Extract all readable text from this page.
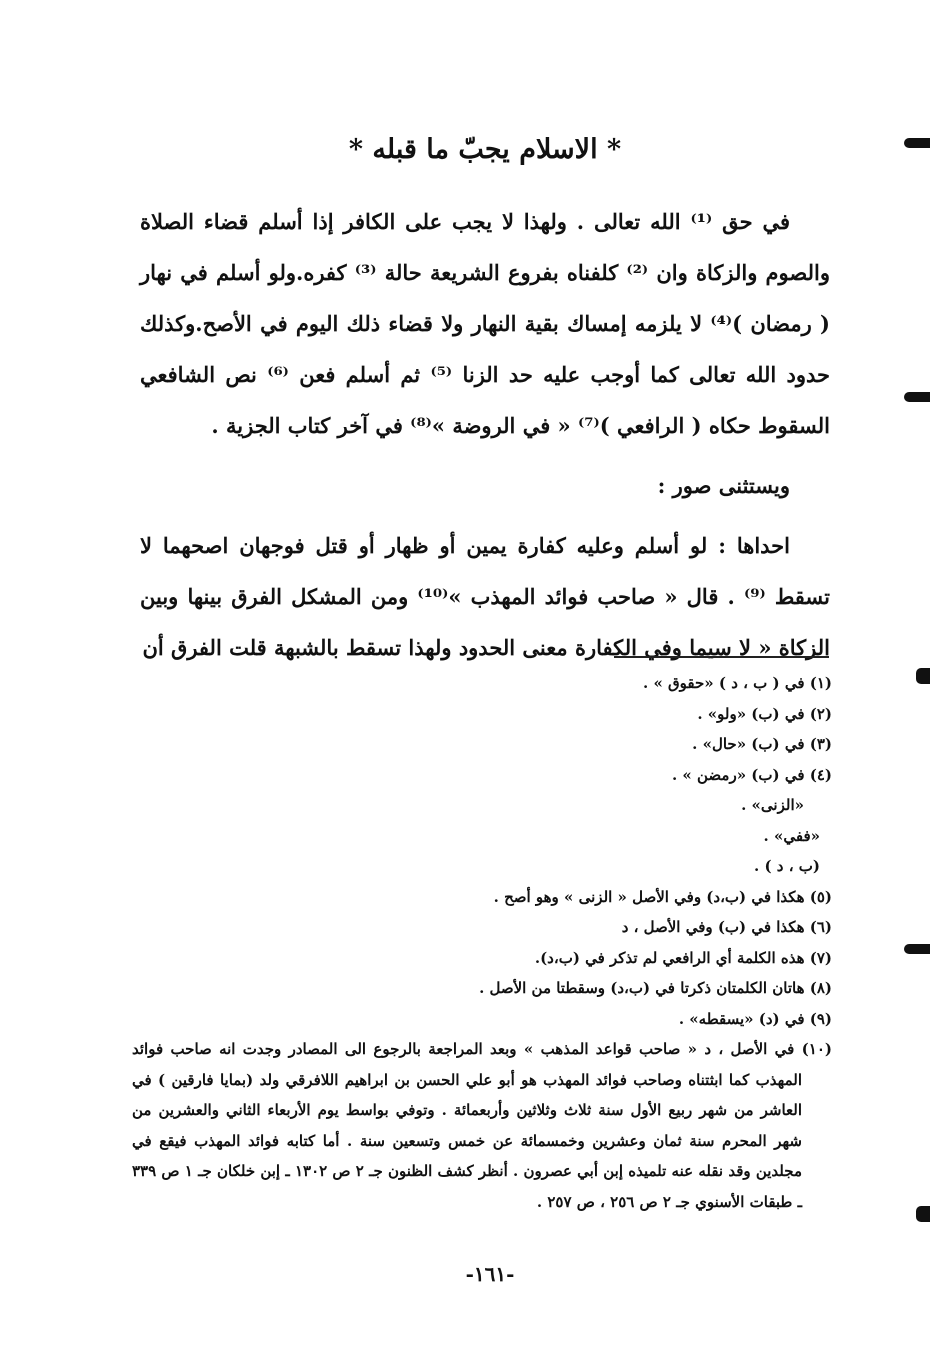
* الاسلام يجبّ ما قبله *

في حق ⁽¹⁾ الله تعالى . ولهذا لا يجب على الكافر إذا أسلم قضاء الصلاة والصوم والزكاة وان ⁽²⁾ كلفناه بفروع الشريعة حالة ⁽³⁾ كفره.ولو أسلم في نهار ( رمضان )⁽⁴⁾ لا يلزمه إمساك بقية النهار ولا قضاء ذلك اليوم في الأصح.وكذلك حدود الله تعالى كما أوجب عليه حد الزنا ⁽⁵⁾ ثم أسلم فعن ⁽⁶⁾ نص الشافعي السقوط حكاه ( الرافعي )⁽⁷⁾ « في الروضة »⁽⁸⁾ في آخر كتاب الجزية .

ويستثنى صور :

احداها : لو أسلم وعليه كفارة يمين أو ظهار أو قتل فوجهان اصحهما لا تسقط ⁽⁹⁾ . قال « صاحب فوائد المهذب »⁽¹⁰⁾ ومن المشكل الفرق بينها وبين الزكاة « لا سيما وفي الكفارة معنى الحدود ولهذا تسقط بالشبهة قلت الفرق أن

(١) في ( ب ، د ) «حقوق » .

(٢) في (ب) «ولو» .

(٣) في (ب) «حال» .

(٤) في (ب) «رمضن » .

«الزنى» .

«ففي» .

(ب ، د ) .

(٥) هكذا في (ب،د) وفي الأصل « الزنى » وهو أصح .

(٦) هكذا في (ب) وفي الأصل ، د

(٧) هذه الكلمة أي الرافعي لم تذكر في (ب،د).

(٨) هاتان الكلمتان ذكرتا في (ب،د) وسقطتا من الأصل .

(٩) في (د) «يسقطه» .

(١٠) في الأصل ، د « صاحب قواعد المذهب » وبعد المراجعة بالرجوع الى المصادر وجدت انه صاحب فوائد المهذب كما ابثتناه وصاحب فوائد المهذب هو أبو علي الحسن بن ابراهيم اللافرقي ولد (بمايا فارقين ) في العاشر من شهر ربيع الأول سنة ثلاث وثلاثين وأربعمائة . وتوفي بواسط يوم الأربعاء الثاني والعشرين من شهر المحرم سنة ثمان وعشرين وخمسمائة عن خمس وتسعين سنة . أما كتابه فوائد المهذب فيقع في مجلدين وقد نقله عنه تلميذه إبن أبي عصرون . أنظر كشف الظنون جـ ٢ ص ١٣٠٢ ـ إبن خلكان جـ ١ ص ٣٣٩ ـ طبقات الأسنوي جـ ٢ ص ٢٥٦ ، ص ٢٥٧ .

-١٦١-
